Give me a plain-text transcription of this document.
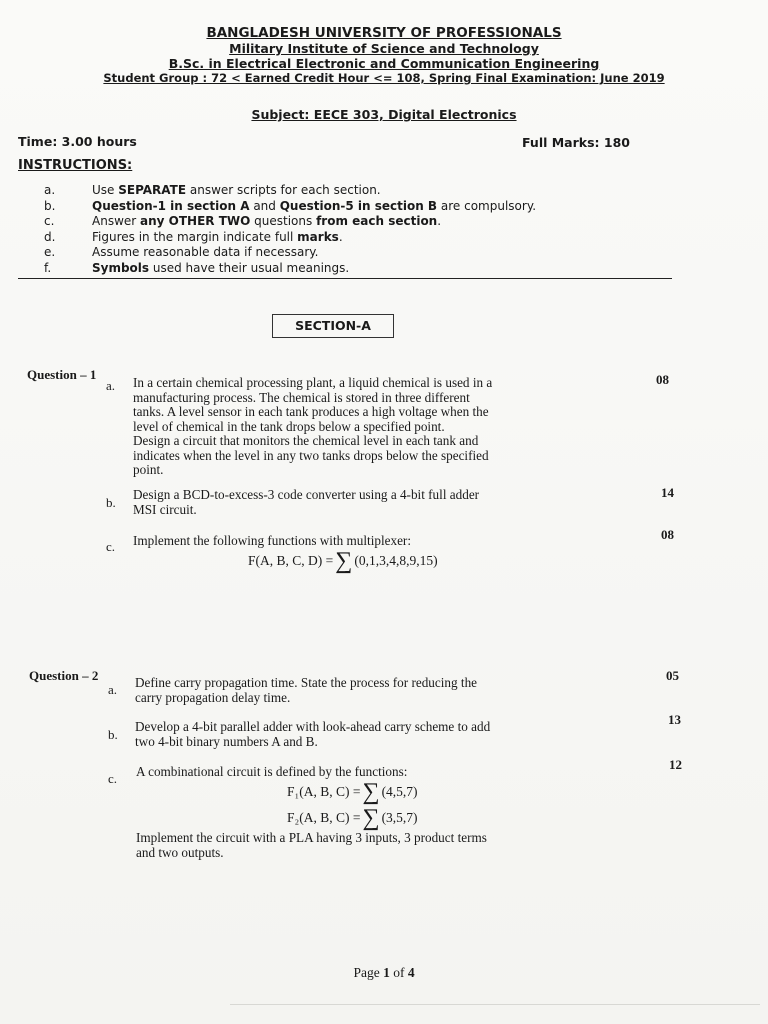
BANGLADESH UNIVERSITY OF PROFESSIONALS
Military Institute of Science and Technology
B.Sc. in Electrical Electronic and Communication Engineering
Student Group : 72 < Earned Credit Hour <= 108, Spring Final Examination: June 2019
Subject: EECE 303, Digital Electronics
Time: 3.00 hours	Full Marks: 180
INSTRUCTIONS:
a.	Use SEPARATE answer scripts for each section.
b.	Question-1 in section A and Question-5 in section B are compulsory.
c.	Answer any OTHER TWO questions from each section.
d.	Figures in the margin indicate full marks.
e.	Assume reasonable data if necessary.
f.	Symbols used have their usual meanings.
SECTION-A
Question – 1
a. In a certain chemical processing plant, a liquid chemical is used in a
manufacturing process. The chemical is stored in three different
tanks. A level sensor in each tank produces a high voltage when the
level of chemical in the tank drops below a specified point.
Design a circuit that monitors the chemical level in each tank and
indicates when the level in any two tanks drops below the specified
point.
08
b.
Design a BCD-to-excess-3 code converter using a 4-bit full adder
MSI circuit.
14
c. Implement the following functions with multiplexer:
F(A, B, C, D) = ∑ (0,1,3,4,8,9,15)
08
Question – 2
a. Define carry propagation time. State the process for reducing the
carry propagation delay time.
05
b.
Develop a 4-bit parallel adder with look-ahead carry scheme to add
two 4-bit binary numbers A and B.
13
c. A combinational circuit is defined by the functions:
F₁(A, B, C) = ∑ (4,5,7)
F₂(A, B, C) = ∑ (3,5,7)
Implement the circuit with a PLA having 3 inputs, 3 product terms
and two outputs.
12
Page 1 of 4
